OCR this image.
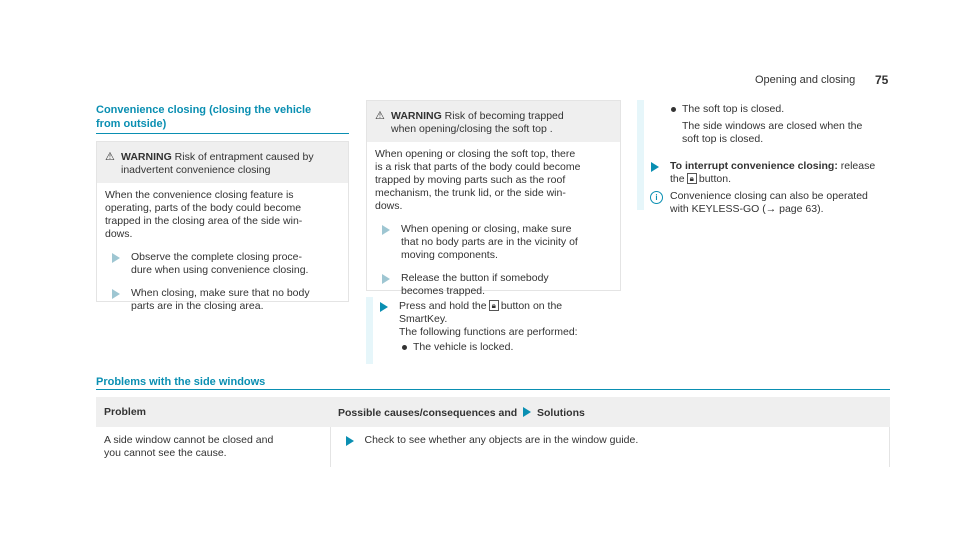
Opening and closing 75
Convenience closing (closing the vehicle
from outside)
⚠ WARNING Risk of entrapment caused by
inadvertent convenience closing

When the convenience closing feature is
operating, parts of the body could become
trapped in the closing area of the side win-
dows.

Observe the complete closing proce-
dure when using convenience closing.
When closing, make sure that no body
parts are in the closing area.
⚠ WARNING Risk of becoming trapped
when opening/closing the soft top .

When opening or closing the soft top, there
is a risk that parts of the body could become
trapped by moving parts such as the roof
mechanism, the trunk lid, or the side win-
dows.

When opening or closing, make sure
that no body parts are in the vicinity of
moving components.
Release the button if somebody
becomes trapped.
Press and hold the 🔒︎ button on the
SmartKey.
The following functions are performed:
The vehicle is locked.
The soft top is closed.
The side windows are closed when the
soft top is closed.
To interrupt convenience closing: release
the 🔒︎ button.
i	Convenience closing can also be operated
with KEYLESS-GO (→ page 63).
Problems with the side windows
Problem	Possible causes/consequences and Solutions
A side window cannot be closed and
you cannot see the cause.	Check to see whether any objects are in the window guide.
